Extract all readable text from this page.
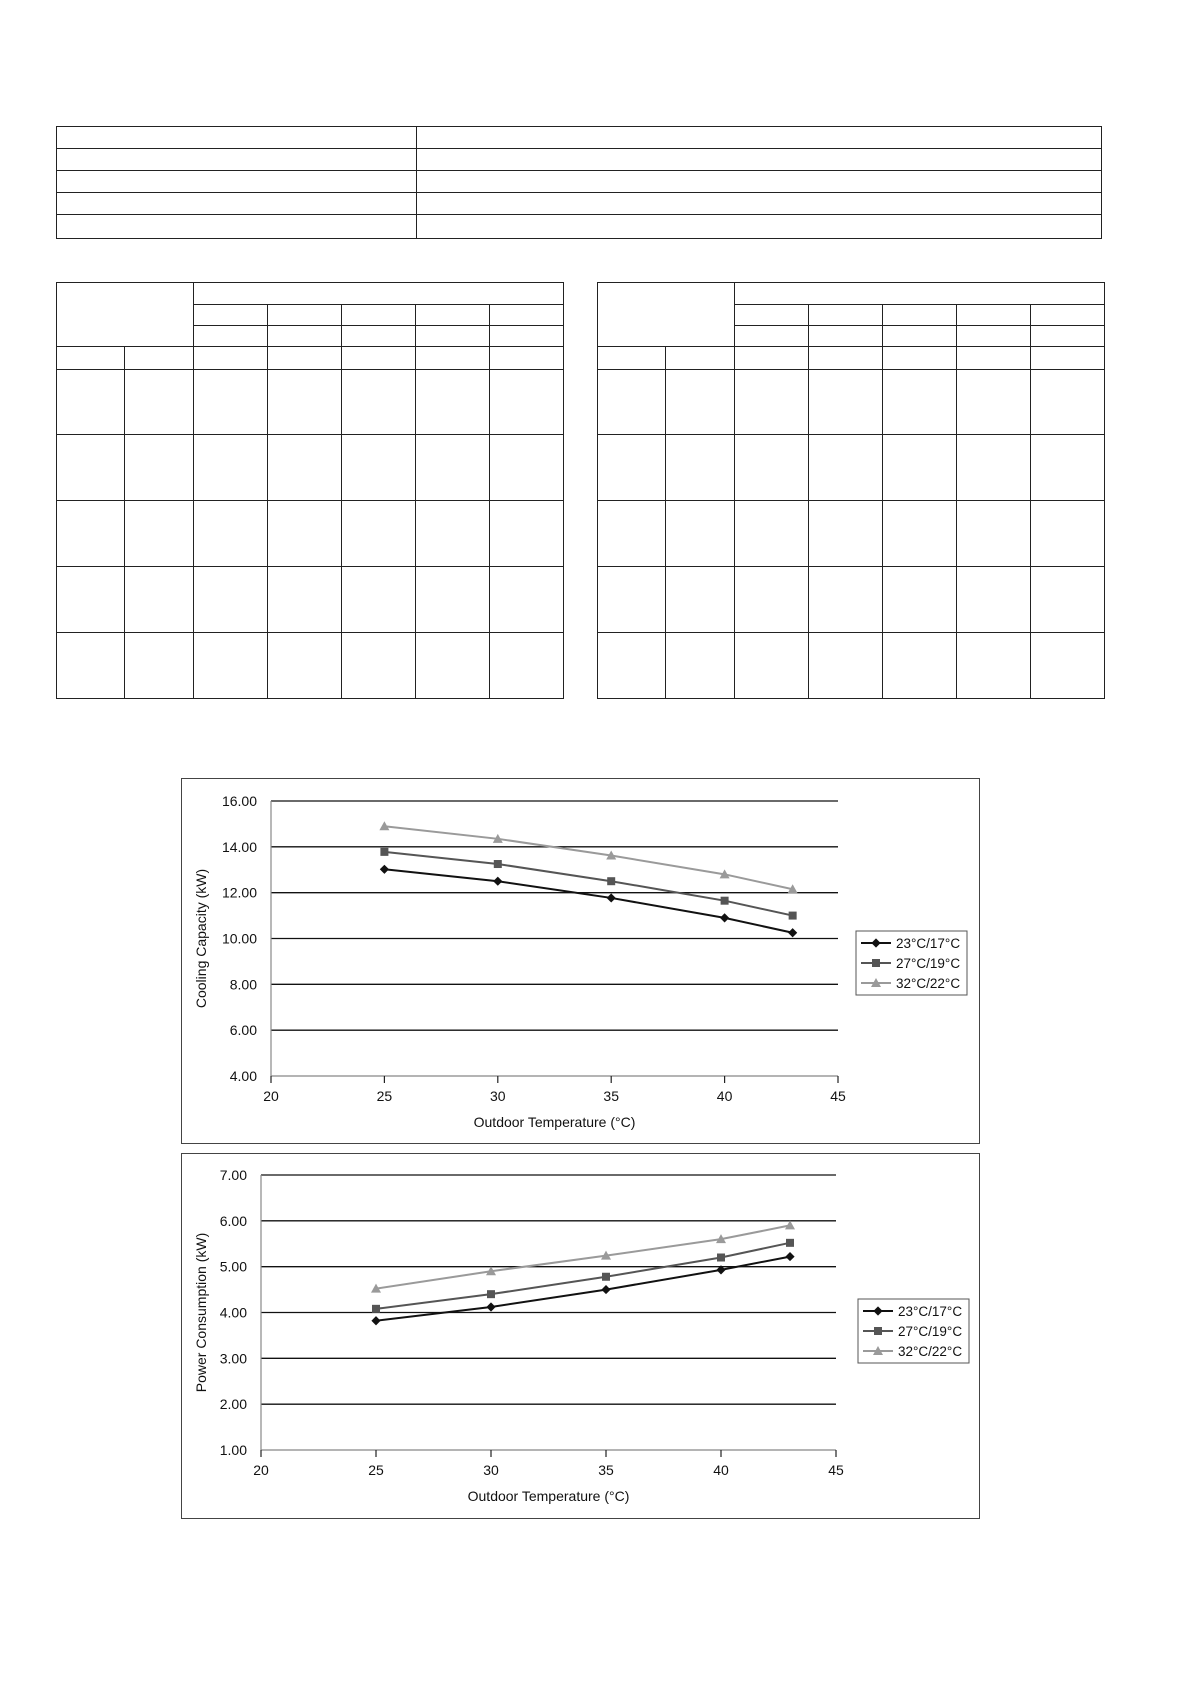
4.00
6.00
8.00
10.00
12.00
14.00
16.00
20	25	30	35	40	45
Outdoor Temperature (°C)
Cooling Capacity (kW)	23°C/17°C
27°C/19°C
32°C/22°C
1.00
2.00
3.00
4.00
5.00
6.00
7.00
20	25	30	35	40	45
Outdoor Temperature (°C)
Power Consumption (kW)	23°C/17°C
27°C/19°C
32°C/22°C
